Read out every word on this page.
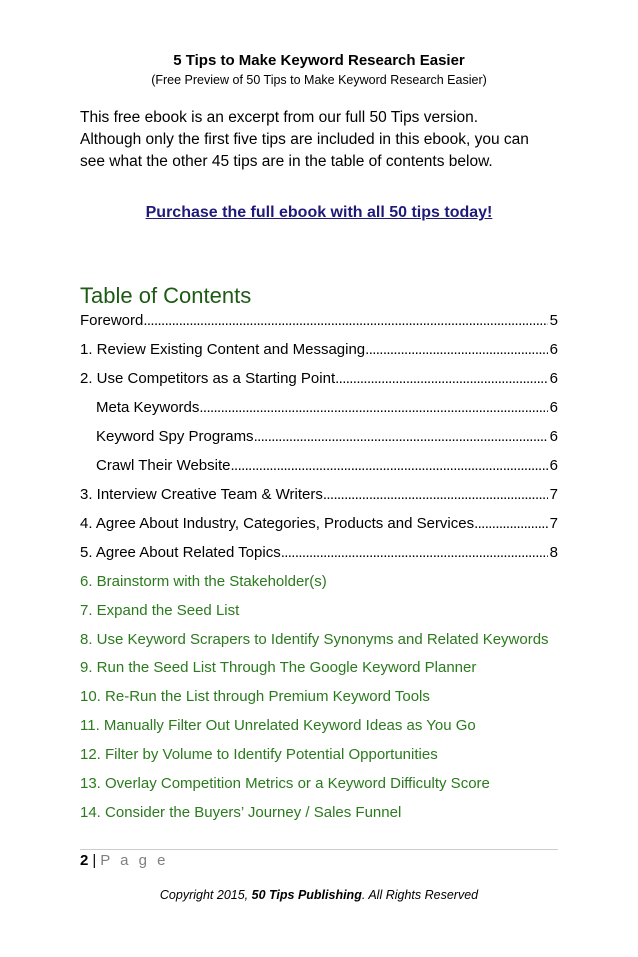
5 Tips to Make Keyword Research Easier
(Free Preview of 50 Tips to Make Keyword Research Easier)

This free ebook is an excerpt from our full 50 Tips version.

Although only the first five tips are included in this ebook, you can

see what the other 45 tips are in the table of contents below.

Purchase the full ebook with all 50 tips today!
Table of Contents
Foreword . . .	5
1. Review Existing Content and Messaging . . .	6
2. Use Competitors as a Starting Point . . .	6
Meta Keywords . . .	6
Keyword Spy Programs . . .	6
Crawl Their Website . . .	6
3. Interview Creative Team & Writers . . .	7
4. Agree About Industry, Categories, Products and Services . . .	7
5. Agree About Related Topics . . .	8
6. Brainstorm with the Stakeholder(s)
7. Expand the Seed List
8. Use Keyword Scrapers to Identify Synonyms and Related Keywords
9. Run the Seed List Through The Google Keyword Planner
10. Re-Run the List through Premium Keyword Tools
11. Manually Filter Out Unrelated Keyword Ideas as You Go
12. Filter by Volume to Identify Potential Opportunities
13. Overlay Competition Metrics or a Keyword Difficulty Score
14. Consider the Buyers’ Journey / Sales Funnel
2 | P a g e
Copyright 2015, 50 Tips Publishing. All Rights Reserved
